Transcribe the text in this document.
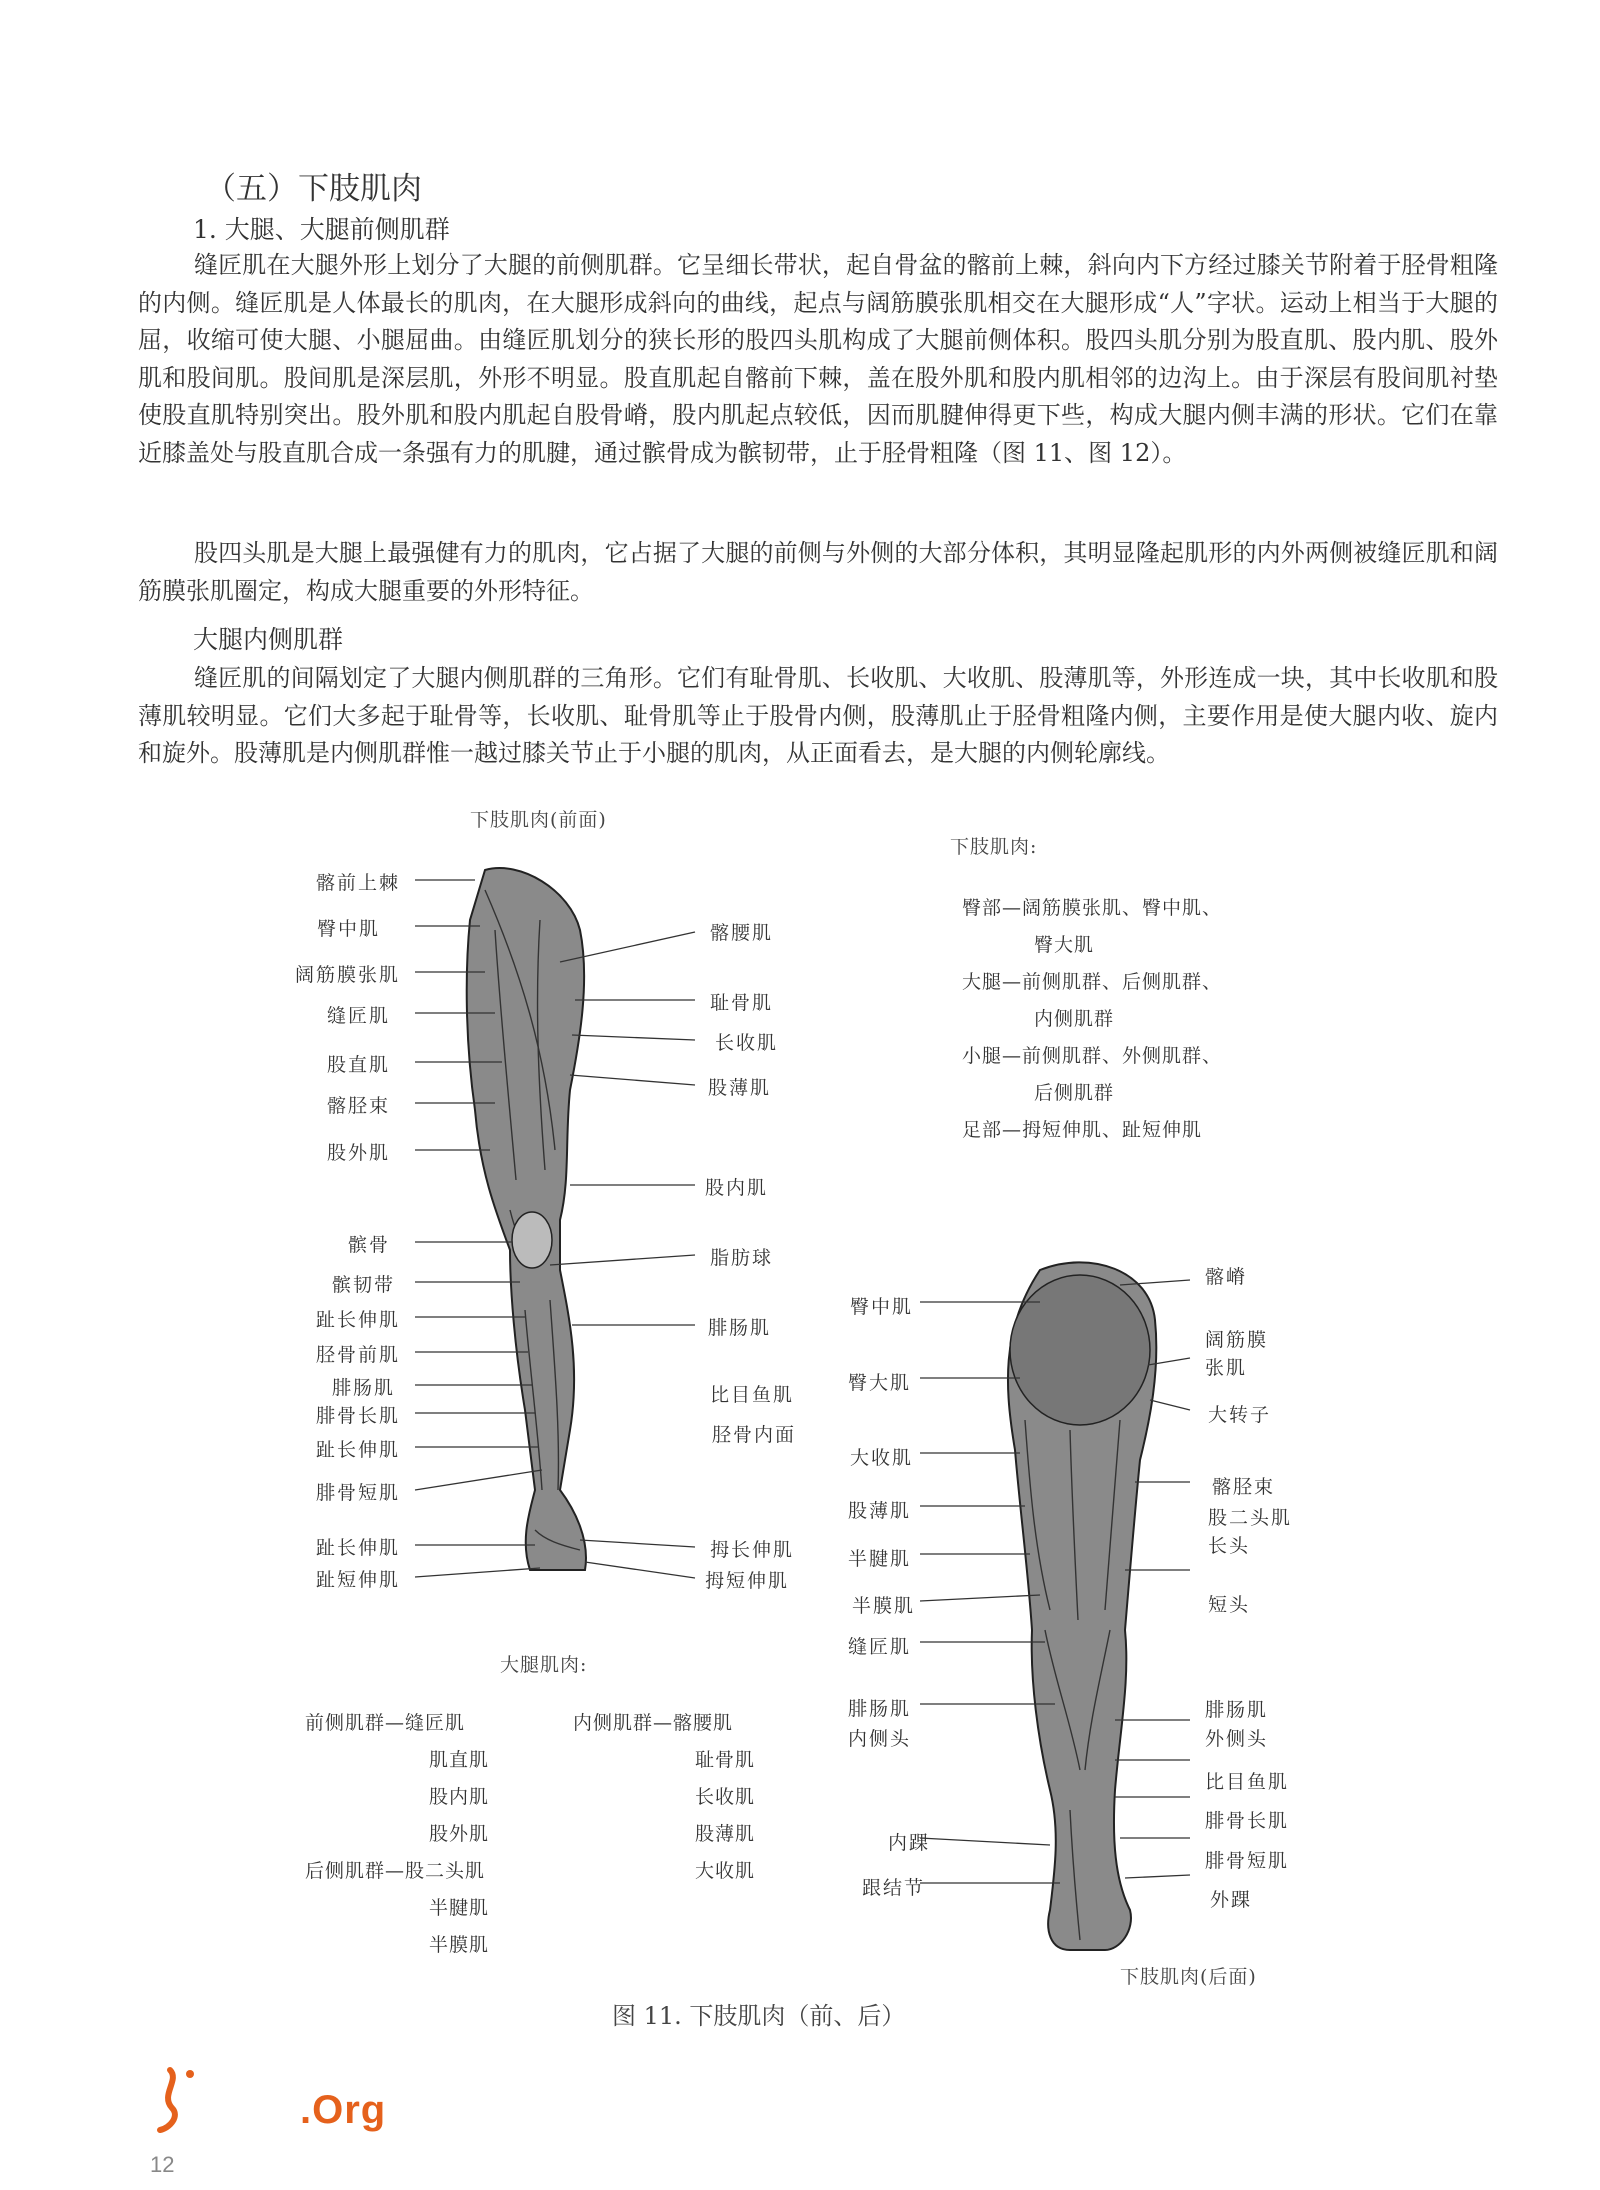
（五）下肢肌肉
1. 大腿、大腿前侧肌群
缝匠肌在大腿外形上划分了大腿的前侧肌群。它呈细长带状，起自骨盆的髂前上棘，斜向内下方经过膝关节附着于胫骨粗隆的内侧。缝匠肌是人体最长的肌肉，在大腿形成斜向的曲线，起点与阔筋膜张肌相交在大腿形成“人”字状。运动上相当于大腿的屈，收缩可使大腿、小腿屈曲。由缝匠肌划分的狭长形的股四头肌构成了大腿前侧体积。股四头肌分别为股直肌、股内肌、股外肌和股间肌。股间肌是深层肌，外形不明显。股直肌起自髂前下棘，盖在股外肌和股内肌相邻的边沟上。由于深层有股间肌衬垫使股直肌特别突出。股外肌和股内肌起自股骨嵴，股内肌起点较低，因而肌腱伸得更下些，构成大腿内侧丰满的形状。它们在靠近膝盖处与股直肌合成一条强有力的肌腱，通过髌骨成为髌韧带，止于胫骨粗隆（图 11、图 12）。
股四头肌是大腿上最强健有力的肌肉，它占据了大腿的前侧与外侧的大部分体积，其明显隆起肌形的内外两侧被缝匠肌和阔筋膜张肌圈定，构成大腿重要的外形特征。
大腿内侧肌群
缝匠肌的间隔划定了大腿内侧肌群的三角形。它们有耻骨肌、长收肌、大收肌、股薄肌等，外形连成一块，其中长收肌和股薄肌较明显。它们大多起于耻骨等，长收肌、耻骨肌等止于股骨内侧，股薄肌止于胫骨粗隆内侧，主要作用是使大腿内收、旋内和旋外。股薄肌是内侧肌群惟一越过膝关节止于小腿的肌肉，从正面看去，是大腿的内侧轮廓线。
下肢肌肉(前面)
髂前上棘
臀中肌
阔筋膜张肌
缝匠肌
股直肌
髂胫束
股外肌
髌骨
髌韧带
趾长伸肌
胫骨前肌
腓肠肌
腓骨长肌
趾长伸肌
腓骨短肌
趾长伸肌
趾短伸肌
髂腰肌
耻骨肌
长收肌
股薄肌
股内肌
脂肪球
腓肠肌
比目鱼肌
胫骨内面
拇长伸肌
拇短伸肌
下肢肌肉:
臀部—阔筋膜张肌、臀中肌、
臀大肌
大腿—前侧肌群、后侧肌群、
内侧肌群
小腿—前侧肌群、外侧肌群、
后侧肌群
足部—拇短伸肌、趾短伸肌
大腿肌肉:
前侧肌群—缝匠肌
肌直肌
股内肌
股外肌
后侧肌群—股二头肌
半腱肌
半膜肌
内侧肌群—髂腰肌
耻骨肌
长收肌
股薄肌
大收肌
臀中肌
臀大肌
大收肌
股薄肌
半腱肌
半膜肌
缝匠肌
腓肠肌
内侧头
内踝
跟结节
髂嵴
阔筋膜
张肌
大转子
髂胫束
股二头肌
长头
短头
腓肠肌
外侧头
比目鱼肌
腓骨长肌
腓骨短肌
外踝
下肢肌肉(后面)
图 11. 下肢肌肉（前、后）
.Org
12
